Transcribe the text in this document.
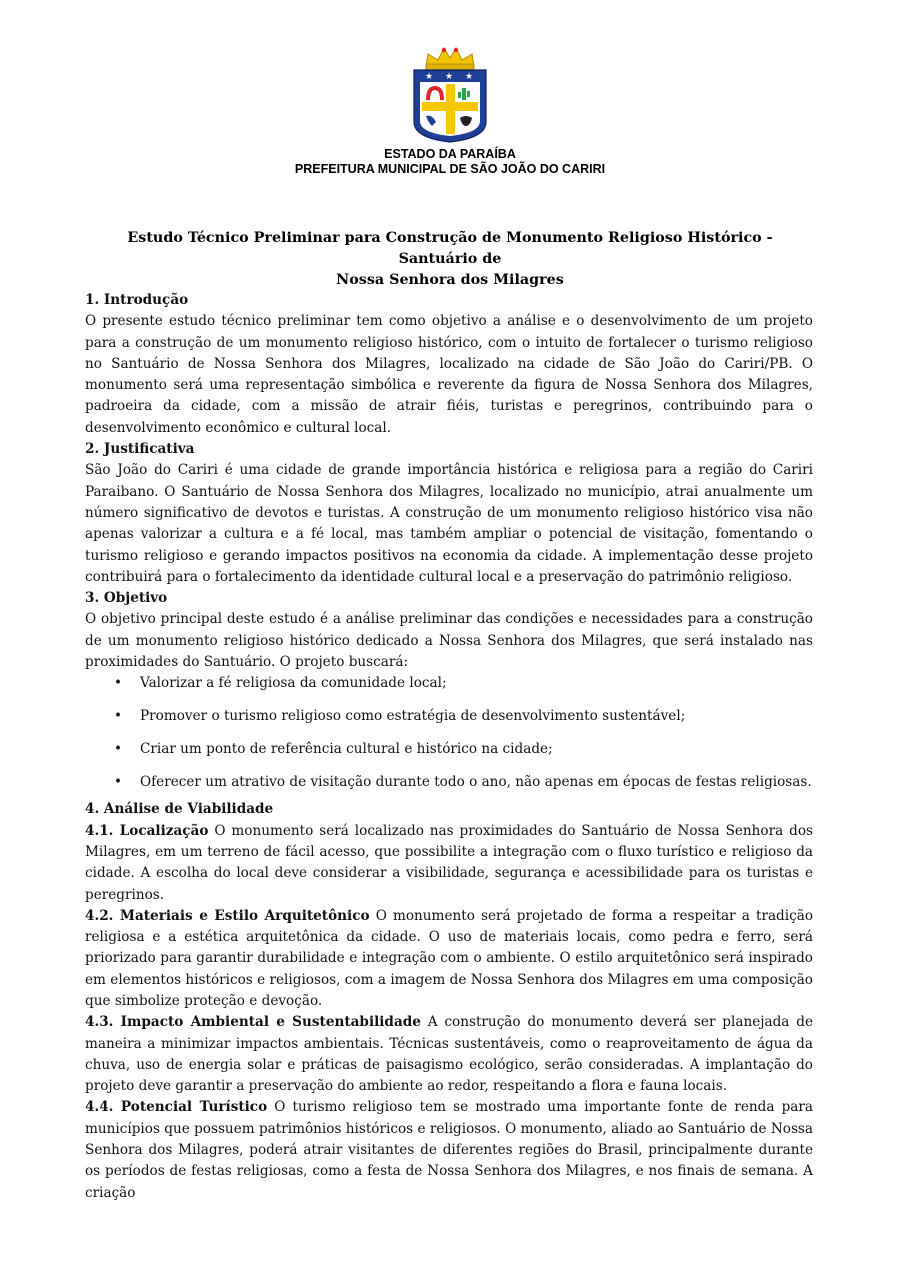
★ ★ ★
ESTADO DA PARAÍBA
PREFEITURA MUNICIPAL DE SÃO JOÃO DO CARIRI
Estudo Técnico Preliminar para Construção de Monumento Religioso Histórico - Santuário de
Nossa Senhora dos Milagres
1. Introdução

O presente estudo técnico preliminar tem como objetivo a análise e o desenvolvimento de um projeto para a construção de um monumento religioso histórico, com o intuito de fortalecer o turismo religioso no Santuário de Nossa Senhora dos Milagres, localizado na cidade de São João do Cariri/PB. O monumento será uma representação simbólica e reverente da figura de Nossa Senhora dos Milagres, padroeira da cidade, com a missão de atrair fiéis, turistas e peregrinos, contribuindo para o desenvolvimento econômico e cultural local.

2. Justificativa

São João do Cariri é uma cidade de grande importância histórica e religiosa para a região do Cariri Paraibano. O Santuário de Nossa Senhora dos Milagres, localizado no município, atrai anualmente um número significativo de devotos e turistas. A construção de um monumento religioso histórico visa não apenas valorizar a cultura e a fé local, mas também ampliar o potencial de visitação, fomentando o turismo religioso e gerando impactos positivos na economia da cidade. A implementação desse projeto contribuirá para o fortalecimento da identidade cultural local e a preservação do patrimônio religioso.

3. Objetivo

O objetivo principal deste estudo é a análise preliminar das condições e necessidades para a construção de um monumento religioso histórico dedicado a Nossa Senhora dos Milagres, que será instalado nas proximidades do Santuário. O projeto buscará:

• Valorizar a fé religiosa da comunidade local;
• Promover o turismo religioso como estratégia de desenvolvimento sustentável;
• Criar um ponto de referência cultural e histórico na cidade;
• Oferecer um atrativo de visitação durante todo o ano, não apenas em épocas de festas religiosas.
4. Análise de Viabilidade

4.1. Localização O monumento será localizado nas proximidades do Santuário de Nossa Senhora dos Milagres, em um terreno de fácil acesso, que possibilite a integração com o fluxo turístico e religioso da cidade. A escolha do local deve considerar a visibilidade, segurança e acessibilidade para os turistas e peregrinos.

4.2. Materiais e Estilo Arquitetônico O monumento será projetado de forma a respeitar a tradição religiosa e a estética arquitetônica da cidade. O uso de materiais locais, como pedra e ferro, será priorizado para garantir durabilidade e integração com o ambiente. O estilo arquitetônico será inspirado em elementos históricos e religiosos, com a imagem de Nossa Senhora dos Milagres em uma composição que simbolize proteção e devoção.

4.3. Impacto Ambiental e Sustentabilidade A construção do monumento deverá ser planejada de maneira a minimizar impactos ambientais. Técnicas sustentáveis, como o reaproveitamento de água da chuva, uso de energia solar e práticas de paisagismo ecológico, serão consideradas. A implantação do projeto deve garantir a preservação do ambiente ao redor, respeitando a flora e fauna locais.

4.4. Potencial Turístico O turismo religioso tem se mostrado uma importante fonte de renda para municípios que possuem patrimônios históricos e religiosos. O monumento, aliado ao Santuário de Nossa Senhora dos Milagres, poderá atrair visitantes de diferentes regiões do Brasil, principalmente durante os períodos de festas religiosas, como a festa de Nossa Senhora dos Milagres, e nos finais de semana. A criação
